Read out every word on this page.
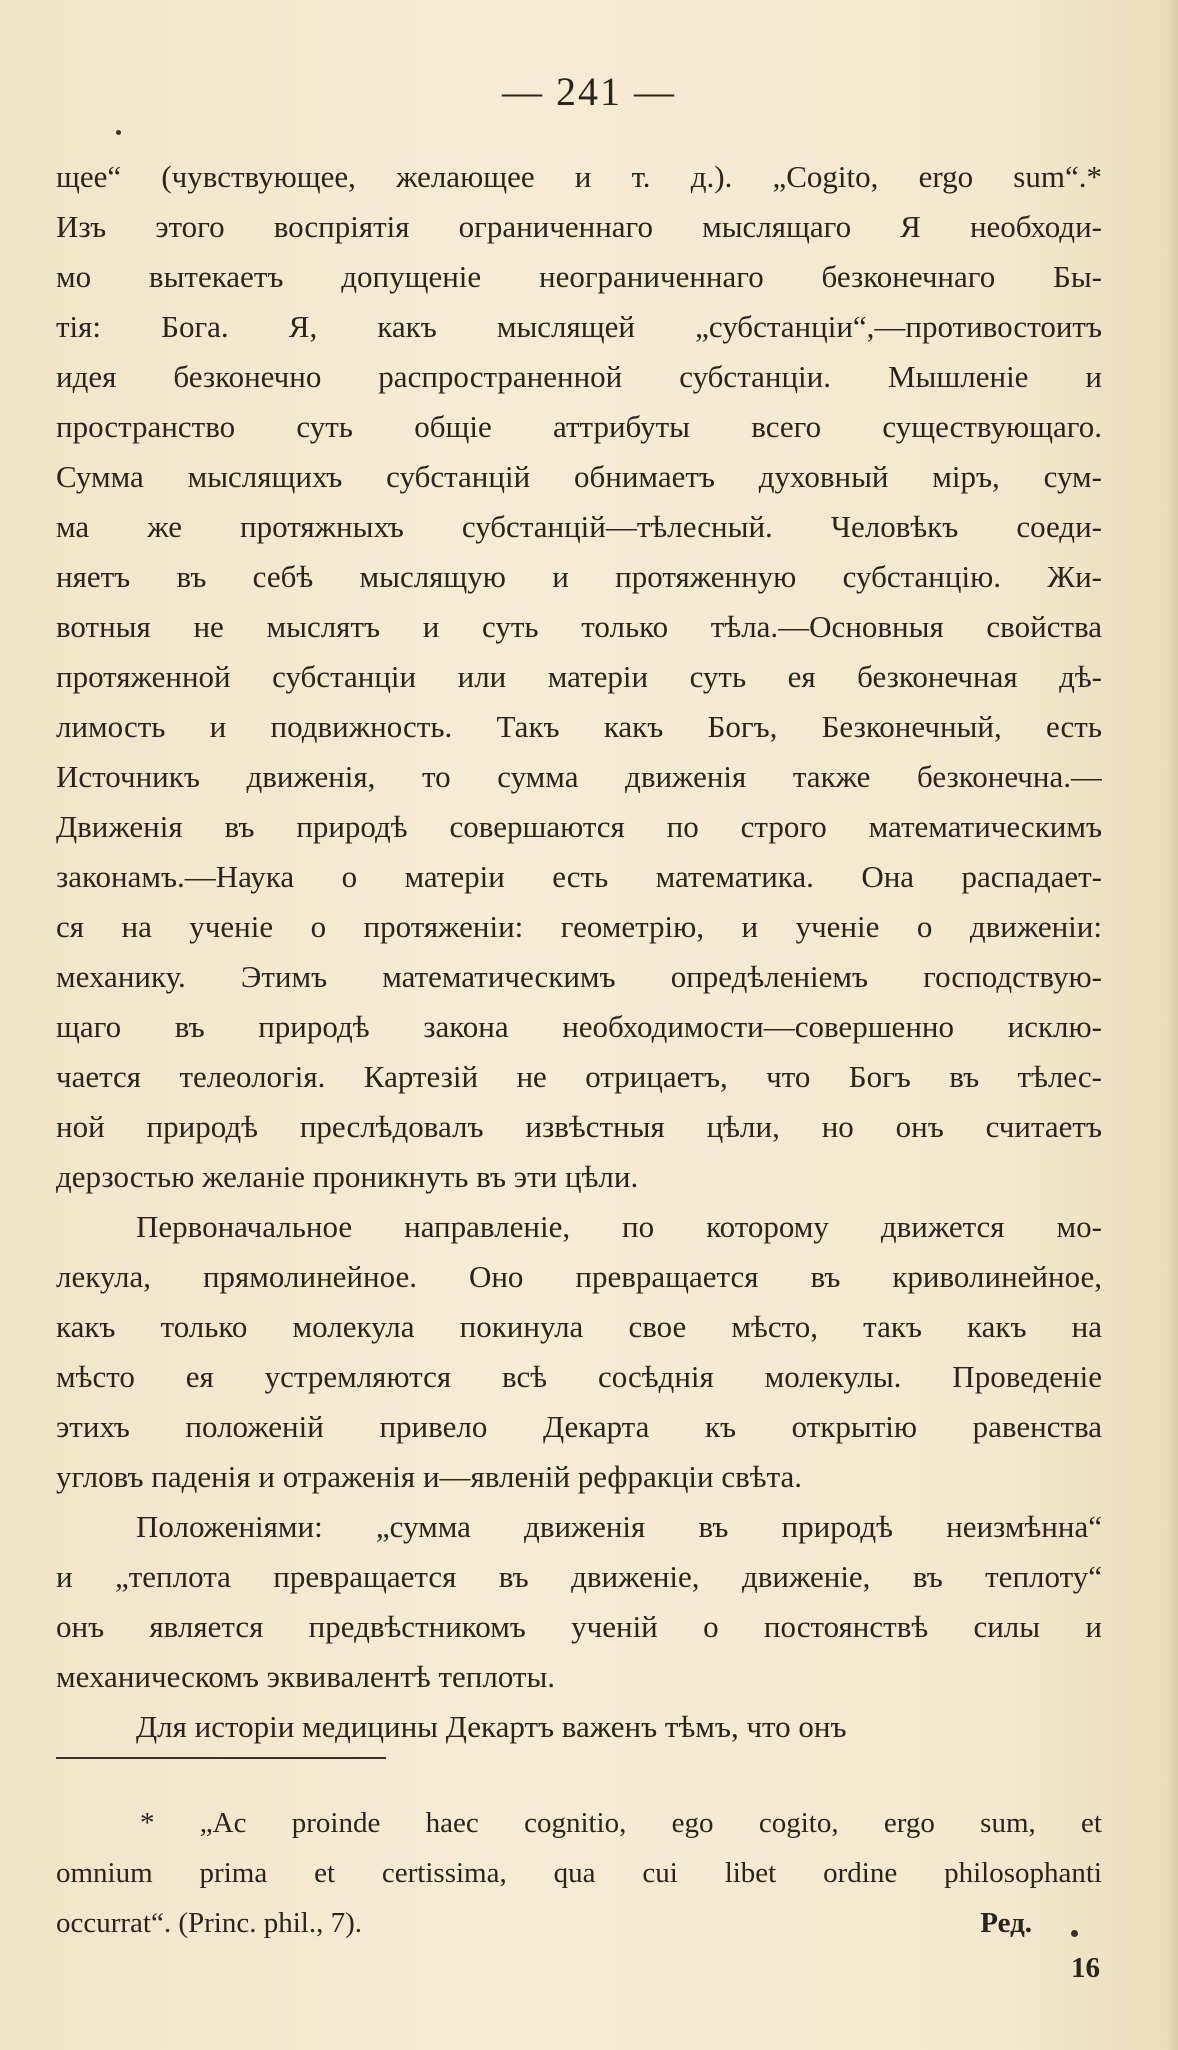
— 241 —
щее“ (чувствующее, желающее и т. д.). „Cogito, ergo sum“.*
Изъ этого воспріятія ограниченнаго мыслящаго Я необходи-
мо вытекаетъ допущеніе неограниченнаго безконечнаго Бы-
тія: Бога. Я, какъ мыслящей „субстанціи“,—противостоитъ
идея безконечно распространенной субстанціи. Мышленіе и
пространство суть общіе аттрибуты всего существующаго.
Сумма мыслящихъ субстанцій обнимаетъ духовный міръ, сум-
ма же протяжныхъ субстанцій—тѣлесный. Человѣкъ соеди-
няетъ въ себѣ мыслящую и протяженную субстанцію. Жи-
вотныя не мыслятъ и суть только тѣла.—Основныя свойства
протяженной субстанціи или матеріи суть ея безконечная дѣ-
лимость и подвижность. Такъ какъ Богъ, Безконечный, есть
Источникъ движенія, то сумма движенія также безконечна.—
Движенія въ природѣ совершаются по строго математическимъ
законамъ.—Наука о матеріи есть математика. Она распадает-
ся на ученіе о протяженіи: геометрію, и ученіе о движеніи:
механику. Этимъ математическимъ опредѣленіемъ господствую-
щаго въ природѣ закона необходимости—совершенно исклю-
чается телеологія. Картезій не отрицаетъ, что Богъ въ тѣлес-
ной природѣ преслѣдовалъ извѣстныя цѣли, но онъ считаетъ
дерзостью желаніе проникнуть въ эти цѣли.
Первоначальное направленіе, по которому движется мо-
лекула, прямолинейное. Оно превращается въ криволинейное,
какъ только молекула покинула свое мѣсто, такъ какъ на
мѣсто ея устремляются всѣ сосѣднія молекулы. Проведеніе
этихъ положеній привело Декарта къ открытію равенства
угловъ паденія и отраженія и—явленій рефракціи свѣта.
Положеніями: „сумма движенія въ природѣ неизмѣнна“
и „теплота превращается въ движеніе, движеніе, въ теплоту“
онъ является предвѣстникомъ ученій о постоянствѣ силы и
механическомъ эквивалентѣ теплоты.
Для исторіи медицины Декартъ важенъ тѣмъ, что онъ
* „Ac proinde haec cognitio, ego cogito, ergo sum, et
omnium prima et certissima, qua cui libet ordine philosophanti
occurrat“. (Princ. phil., 7).	Ред.
16
